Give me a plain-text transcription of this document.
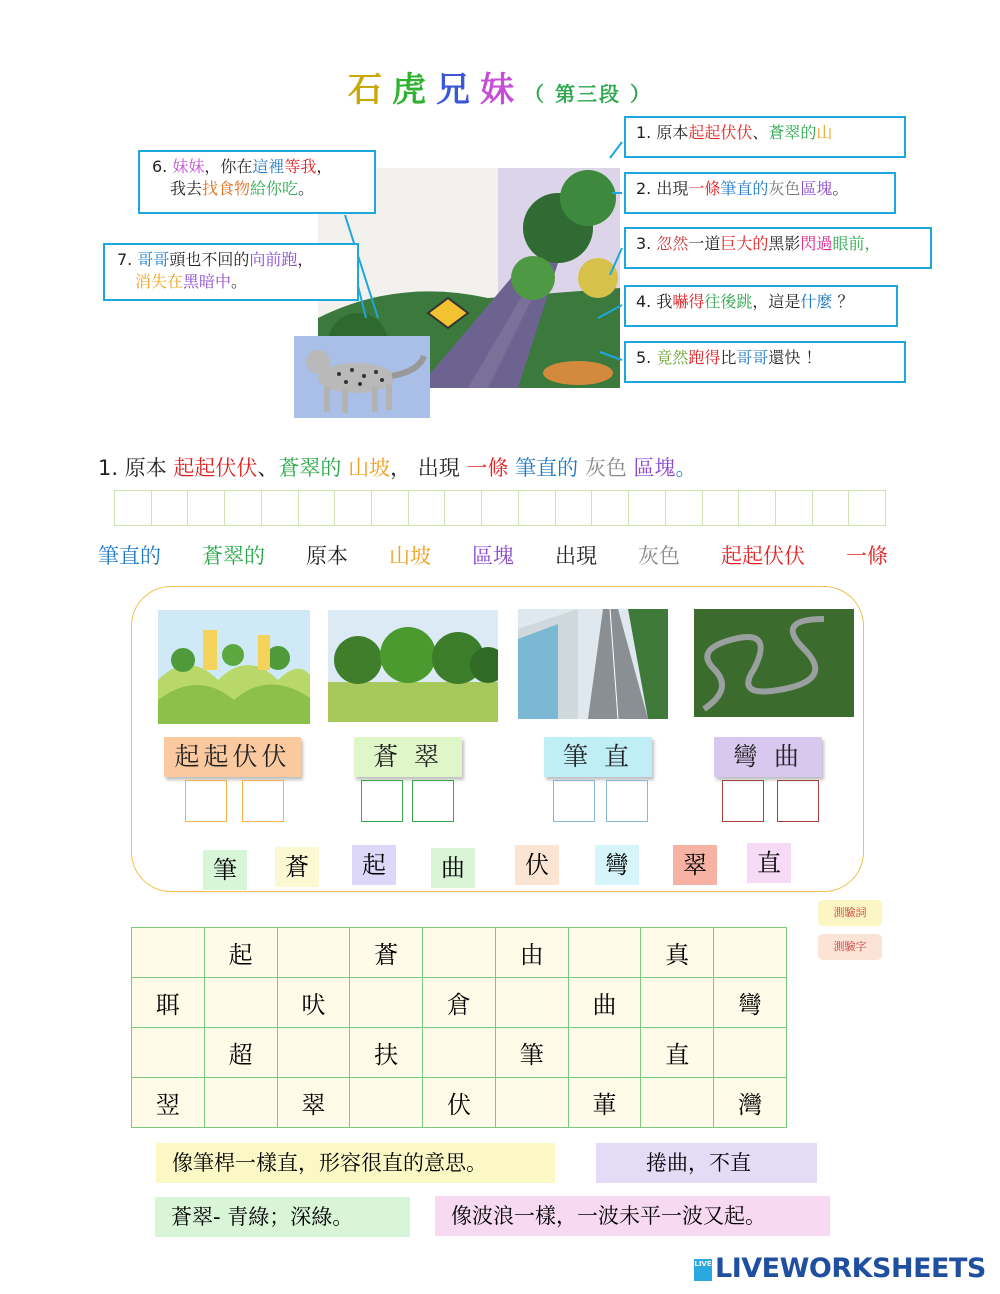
石虎兄妹（ 第三段 ）
1. 原本起起伏伏、蒼翠的山
2. 出現一條筆直的灰色區塊。
3. 忽然一道巨大的黑影閃過眼前，
4. 我嚇得往後跳，這是什麼 ？
5. 竟然跑得比哥哥還快 ！
6. 妹妹，你在這裡等我，
我去找食物給你吃。
7. 哥哥頭也不回的向前跑，
消失在黑暗中。
1. 原本 起起伏伏、蒼翠的 山坡， 出現 一條 筆直的 灰色 區塊。
筆直的 蒼翠的 原本 山坡 區塊 出現 灰色 起起伏伏 一條
起起伏伏	蒼 翠	筆 直	彎 曲
筆	蒼	起	曲	伏	彎	翠	直
測驗詞
測驗字
	起		蒼		由		真	
聑		吠		倉		曲		彎
	超		扶		筆		直	
翌		翠		伏		莗		灣
像筆桿一樣直，形容很直的意思。	捲曲，不直
蒼翠- 青綠；深綠。	像波浪一樣，一波未平一波又起。
LIVE LIVEWORKSHEETS
